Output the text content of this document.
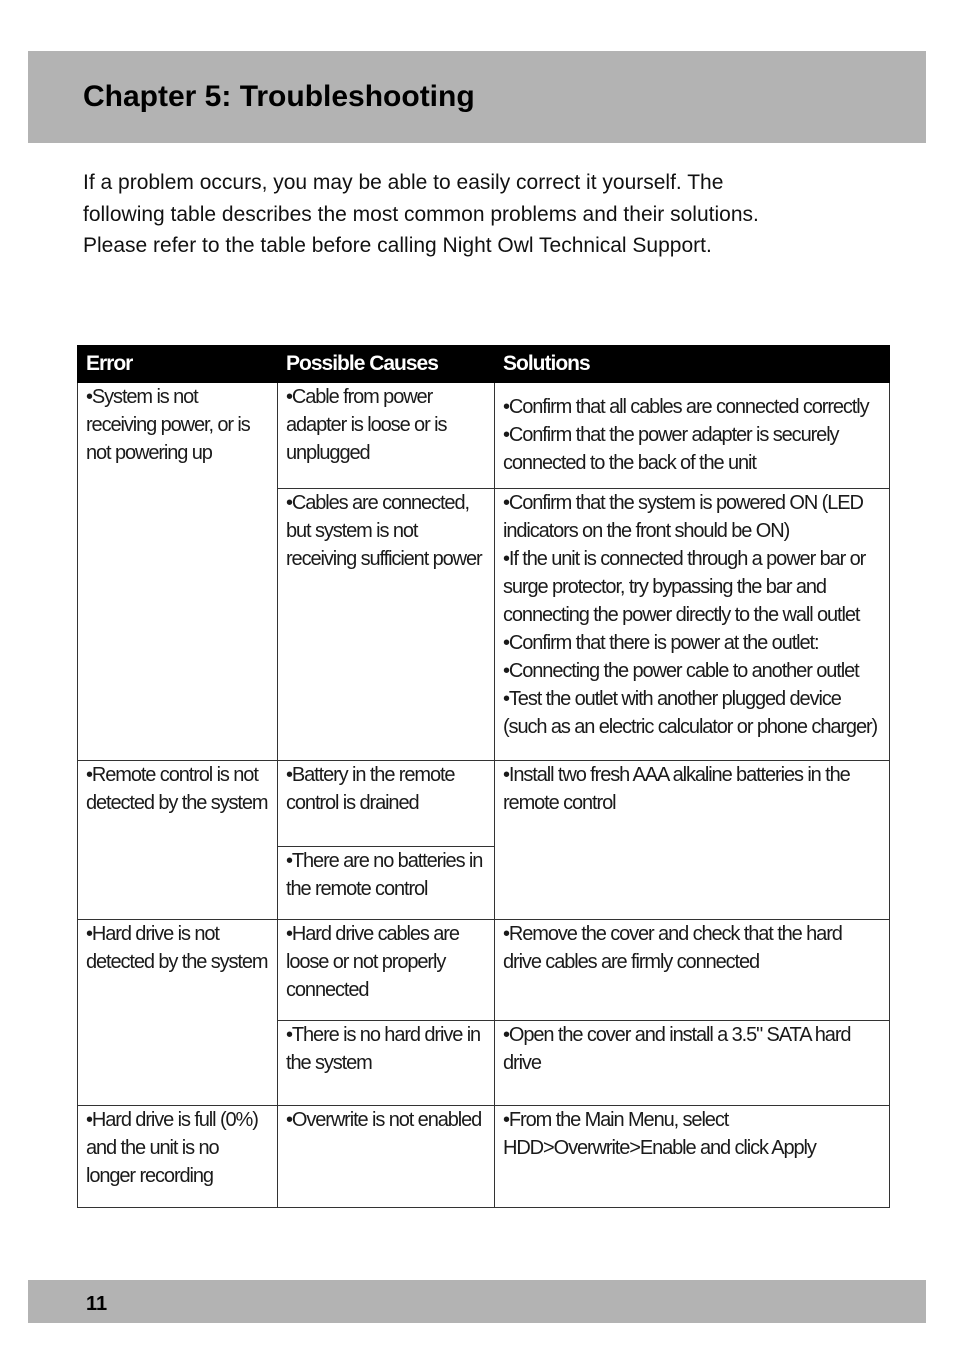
Chapter 5: Troubleshooting

If a problem occurs, you may be able to easily correct it yourself. The

following table describes the most common problems and their solutions.

Please refer to the table before calling Night Owl Technical Support.

Error	Possible Causes	Solutions

•System is not receiving power, or is not powering up	•Cable from power adapter is loose or is unplugged	•Confirm that all cables are connected correctly
•Confirm that the power adapter is securely connected to the back of the unit

	•Cables are connected, but system is not receiving sufficient power	•Confirm that the system is powered ON (LED indicators on the front should be ON)
•If the unit is connected through a power bar or surge protector, try bypassing the bar and connecting the power directly to the wall outlet
•Confirm that there is power at the outlet:
•Connecting the power cable to another outlet
•Test the outlet with another plugged device (such as an electric calculator or phone charger)

•Remote control is not detected by the system	•Battery in the remote control is drained	•Install two fresh AAA alkaline batteries in the remote control

	•There are no batteries in the remote control	

•Hard drive is not detected by the system	•Hard drive cables are loose or not properly connected	•Remove the cover and check that the hard drive cables are firmly connected

	•There is no hard drive in the system	•Open the cover and install a 3.5" SATA hard drive

•Hard drive is full (0%) and the unit is no longer recording	•Overwrite is not enabled	•From the Main Menu, select HDD>Overwrite>Enable and click Apply
11
